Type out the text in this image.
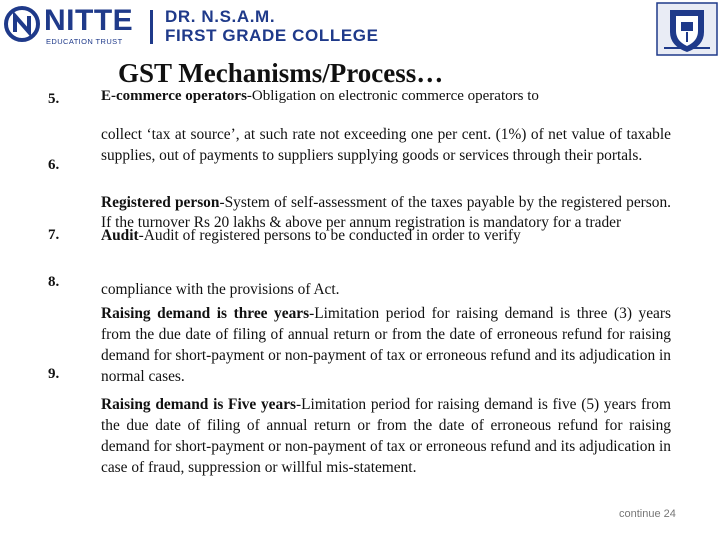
NITTE
EDUCATION TRUST
DR. N.S.A.M.
FIRST GRADE COLLEGE
GST Mechanisms/Process…
5.
6.
7.
8.
9.
E-commerce operators-Obligation on electronic commerce operators to
collect ‘tax at source’, at such rate not exceeding one per cent. (1%) of net value of taxable supplies, out of payments to suppliers supplying goods or services through their portals.
Registered person-System of self-assessment of the taxes payable by the registered person. If the turnover Rs 20 lakhs & above per annum registration is mandatory for a trader
Audit-Audit of registered persons to be conducted in order to verify
compliance with the provisions of Act.
Raising demand is three years-Limitation period for raising demand is three (3) years from the due date of filing of annual return or from the date of erroneous refund for raising demand for short-payment or non-payment of tax or erroneous refund and its adjudication in normal cases.
Raising demand is Five years-Limitation period for raising demand is five (5) years from the due date of filing of annual return or from the date of erroneous refund for raising demand for short-payment or non-payment of tax or erroneous refund and its adjudication in case of fraud, suppression or willful mis-statement.
continue 24
